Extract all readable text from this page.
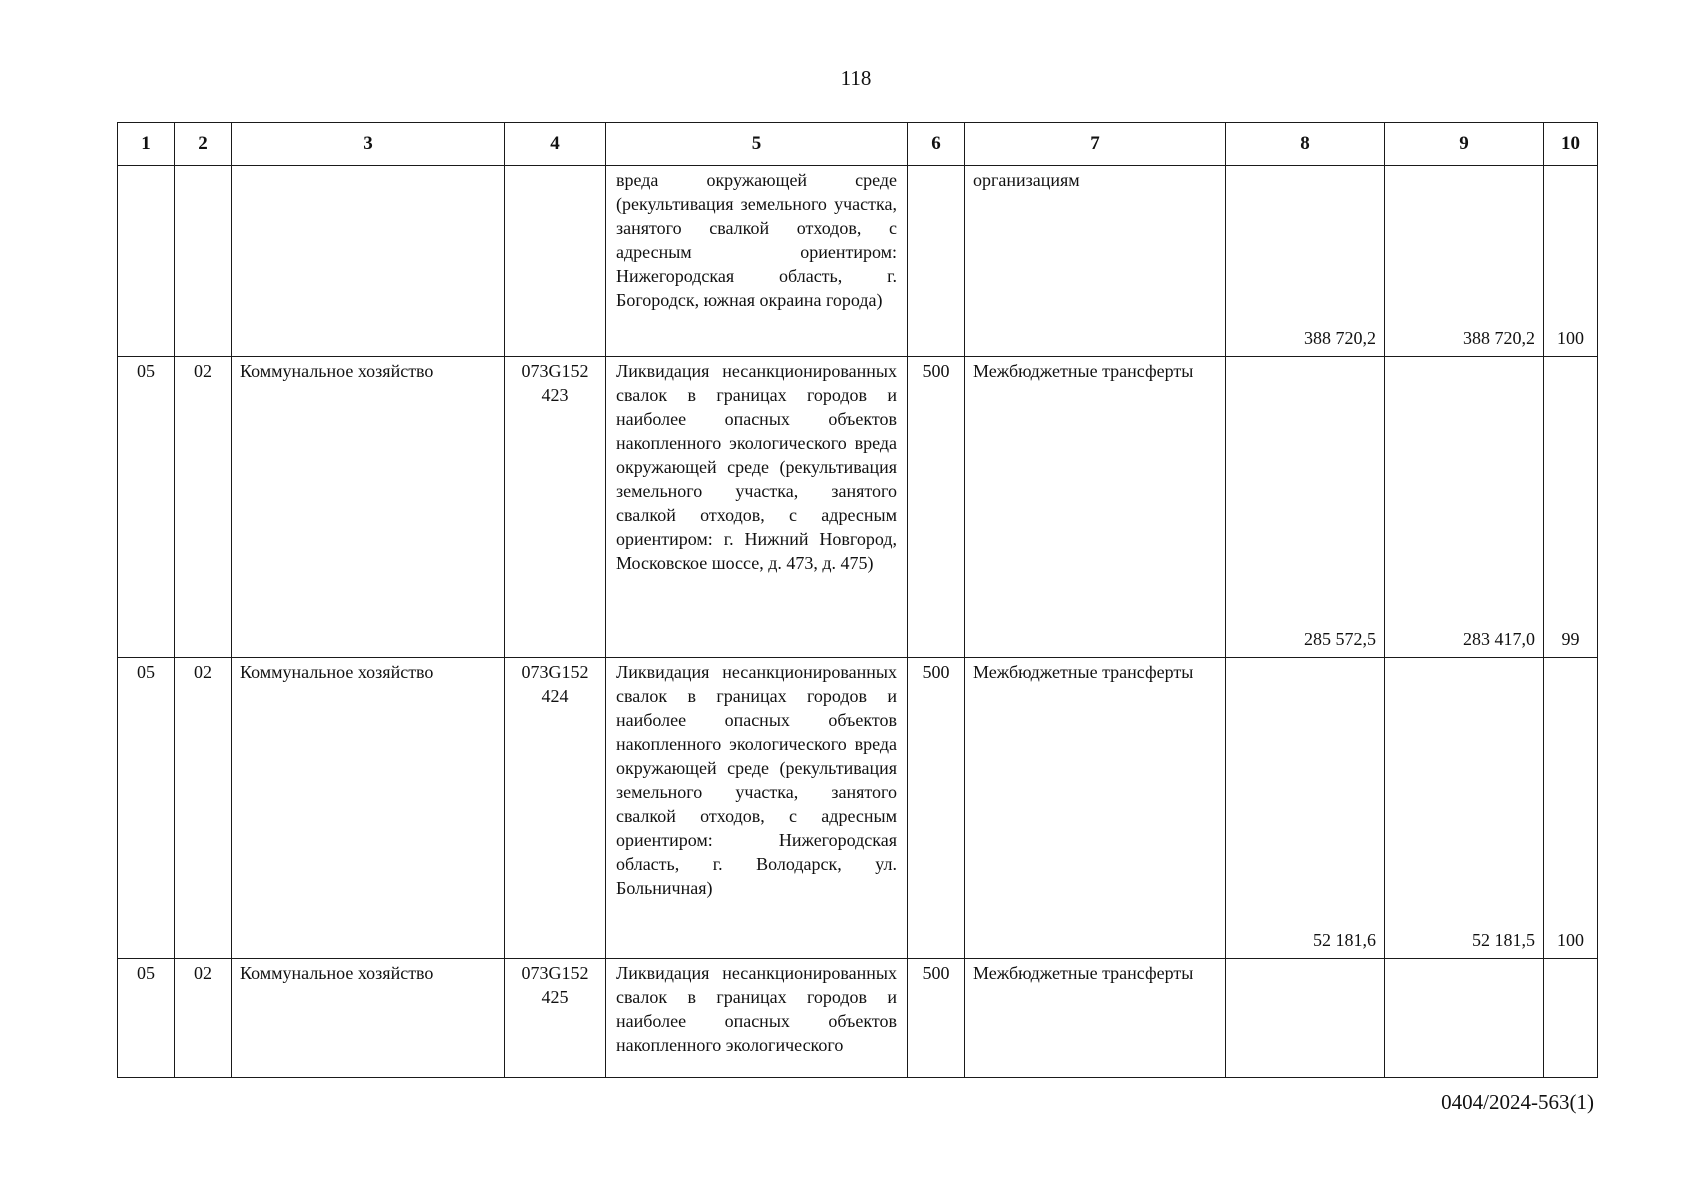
118
1	2	3	4	5	6	7	8	9	10
				вреда окружающей среде (рекультивация земельного участка, занятого свалкой отходов, с адресным ориентиром: Нижегородская область, г. Богородск, южная окраина города)		организациям	388 720,2	388 720,2	100
05	02	Коммунальное хозяйство	073G152 423	Ликвидация несанкционированных свалок в границах городов и наиболее опасных объектов накопленного экологического вреда окружающей среде (рекультивация земельного участка, занятого свалкой отходов, с адресным ориентиром: г. Нижний Новгород, Московское шоссе, д. 473, д. 475)	500	Межбюджетные трансферты	285 572,5	283 417,0	99
05	02	Коммунальное хозяйство	073G152 424	Ликвидация несанкционированных свалок в границах городов и наиболее опасных объектов накопленного экологического вреда окружающей среде (рекультивация земельного участка, занятого свалкой отходов, с адресным ориентиром: Нижегородская область, г. Володарск, ул. Больничная)	500	Межбюджетные трансферты	52 181,6	52 181,5	100
05	02	Коммунальное хозяйство	073G152 425	Ликвидация несанкционированных свалок в границах городов и наиболее опасных объектов накопленного экологического	500	Межбюджетные трансферты			
0404/2024-563(1)
